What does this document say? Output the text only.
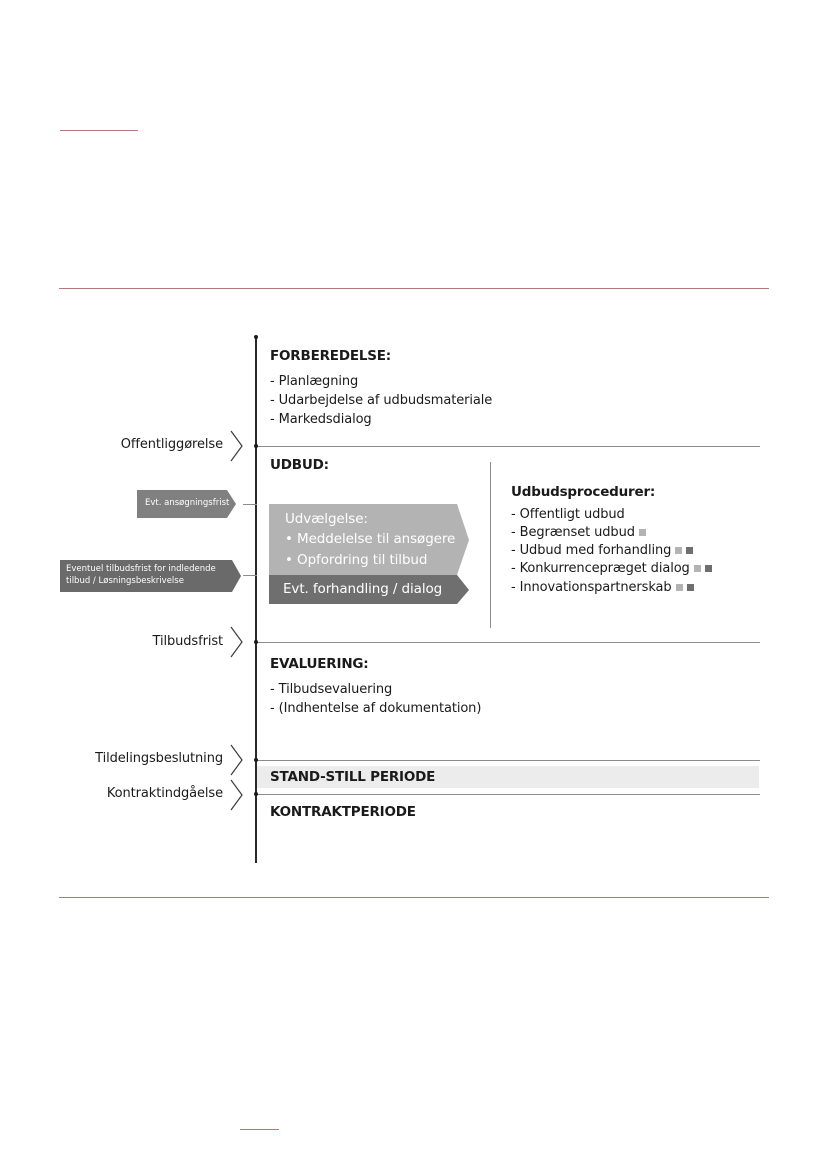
FORBEREDELSE:
- Planlægning
- Udarbejdelse af udbudsmateriale
- Markedsdialog
Offentliggørelse
UDBUD:
Evt. ansøgningsfrist
Eventuel tilbudsfrist for indledende
tilbud / Løsningsbeskrivelse
Udvælgelse:
• Meddelelse til ansøgere
• Opfordring til tilbud
Evt. forhandling / dialog
Udbudsprocedurer:
- Offentligt udbud
- Begrænset udbud
- Udbud med forhandling
- Konkurrencepræget dialog
- Innovationspartnerskab
Tilbudsfrist
EVALUERING:
- Tilbudsevaluering
- (Indhentelse af dokumentation)
Tildelingsbeslutning
STAND-STILL PERIODE
Kontraktindgåelse
KONTRAKTPERIODE
